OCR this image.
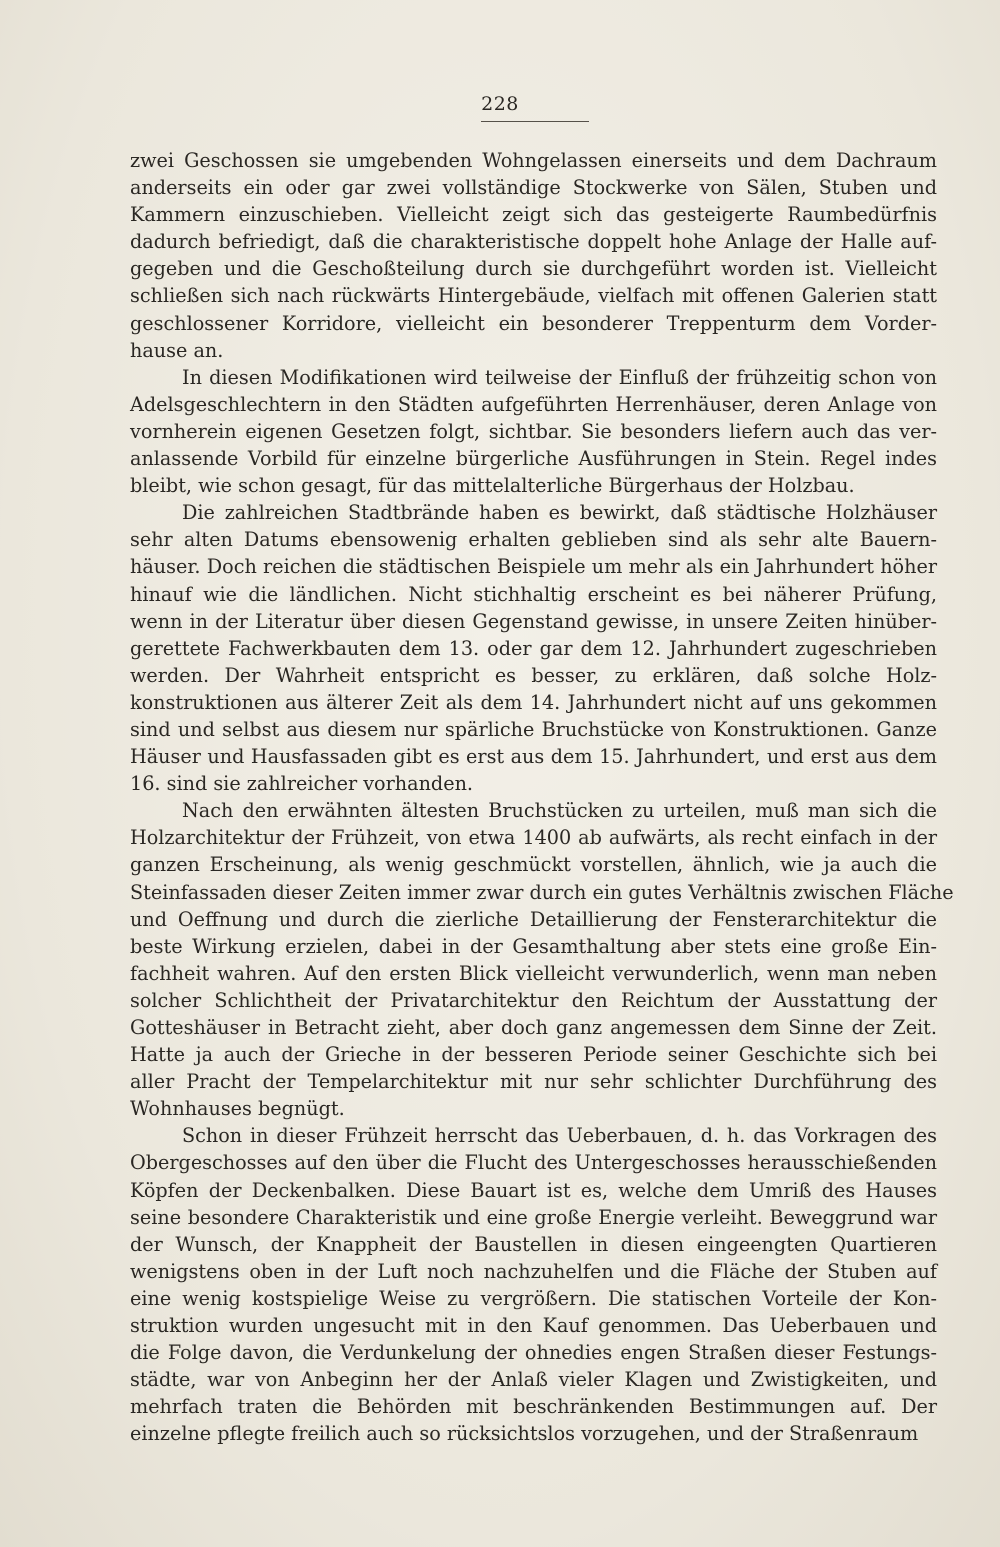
228
zwei Geschossen sie umgebenden Wohngelassen einerseits und dem Dachraum
anderseits ein oder gar zwei vollständige Stockwerke von Sälen, Stuben und
Kammern einzuschieben. Vielleicht zeigt sich das gesteigerte Raumbedürfnis
dadurch befriedigt, daß die charakteristische doppelt hohe Anlage der Halle auf-
gegeben und die Geschoßteilung durch sie durchgeführt worden ist. Vielleicht
schließen sich nach rückwärts Hintergebäude, vielfach mit offenen Galerien statt
geschlossener Korridore, vielleicht ein besonderer Treppenturm dem Vorder-
hause an.
In diesen Modifikationen wird teilweise der Einfluß der frühzeitig schon von
Adelsgeschlechtern in den Städten aufgeführten Herrenhäuser, deren Anlage von
vornherein eigenen Gesetzen folgt, sichtbar. Sie besonders liefern auch das ver-
anlassende Vorbild für einzelne bürgerliche Ausführungen in Stein. Regel indes
bleibt, wie schon gesagt, für das mittelalterliche Bürgerhaus der Holzbau.
Die zahlreichen Stadtbrände haben es bewirkt, daß städtische Holzhäuser
sehr alten Datums ebensowenig erhalten geblieben sind als sehr alte Bauern-
häuser. Doch reichen die städtischen Beispiele um mehr als ein Jahrhundert höher
hinauf wie die ländlichen. Nicht stichhaltig erscheint es bei näherer Prüfung,
wenn in der Literatur über diesen Gegenstand gewisse, in unsere Zeiten hinüber-
gerettete Fachwerkbauten dem 13. oder gar dem 12. Jahrhundert zugeschrieben
werden. Der Wahrheit entspricht es besser, zu erklären, daß solche Holz-
konstruktionen aus älterer Zeit als dem 14. Jahrhundert nicht auf uns gekommen
sind und selbst aus diesem nur spärliche Bruchstücke von Konstruktionen. Ganze
Häuser und Hausfassaden gibt es erst aus dem 15. Jahrhundert, und erst aus dem
16. sind sie zahlreicher vorhanden.
Nach den erwähnten ältesten Bruchstücken zu urteilen, muß man sich die
Holzarchitektur der Frühzeit, von etwa 1400 ab aufwärts, als recht einfach in der
ganzen Erscheinung, als wenig geschmückt vorstellen, ähnlich, wie ja auch die
Steinfassaden dieser Zeiten immer zwar durch ein gutes Verhältnis zwischen Fläche
und Oeffnung und durch die zierliche Detaillierung der Fensterarchitektur die
beste Wirkung erzielen, dabei in der Gesamthaltung aber stets eine große Ein-
fachheit wahren. Auf den ersten Blick vielleicht verwunderlich, wenn man neben
solcher Schlichtheit der Privatarchitektur den Reichtum der Ausstattung der
Gotteshäuser in Betracht zieht, aber doch ganz angemessen dem Sinne der Zeit.
Hatte ja auch der Grieche in der besseren Periode seiner Geschichte sich bei
aller Pracht der Tempelarchitektur mit nur sehr schlichter Durchführung des
Wohnhauses begnügt.
Schon in dieser Frühzeit herrscht das Ueberbauen, d. h. das Vorkragen des
Obergeschosses auf den über die Flucht des Untergeschosses herausschießenden
Köpfen der Deckenbalken. Diese Bauart ist es, welche dem Umriß des Hauses
seine besondere Charakteristik und eine große Energie verleiht. Beweggrund war
der Wunsch, der Knappheit der Baustellen in diesen eingeengten Quartieren
wenigstens oben in der Luft noch nachzuhelfen und die Fläche der Stuben auf
eine wenig kostspielige Weise zu vergrößern. Die statischen Vorteile der Kon-
struktion wurden ungesucht mit in den Kauf genommen. Das Ueberbauen und
die Folge davon, die Verdunkelung der ohnedies engen Straßen dieser Festungs-
städte, war von Anbeginn her der Anlaß vieler Klagen und Zwistigkeiten, und
mehrfach traten die Behörden mit beschränkenden Bestimmungen auf. Der
einzelne pflegte freilich auch so rücksichtslos vorzugehen, und der Straßenraum
